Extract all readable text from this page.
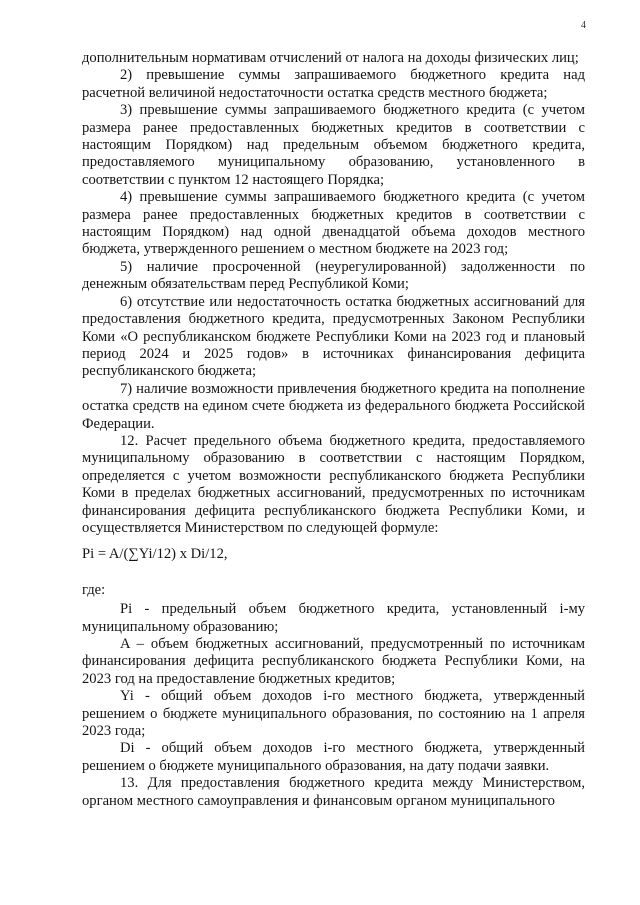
4

дополнительным нормативам отчислений от налога на доходы физических лиц;

2) превышение суммы запрашиваемого бюджетного кредита над расчетной величиной недостаточности остатка средств местного бюджета;

3) превышение суммы запрашиваемого бюджетного кредита (с учетом размера ранее предоставленных бюджетных кредитов в соответствии с настоящим Порядком) над предельным объемом бюджетного кредита, предоставляемого муниципальному образованию, установленного в соответствии с пунктом 12 настоящего Порядка;

4) превышение суммы запрашиваемого бюджетного кредита (с учетом размера ранее предоставленных бюджетных кредитов в соответствии с настоящим Порядком) над одной двенадцатой объема доходов местного бюджета, утвержденного решением о местном бюджете на 2023 год;

5) наличие просроченной (неурегулированной) задолженности по денежным обязательствам перед Республикой Коми;

6) отсутствие или недостаточность остатка бюджетных ассигнований для предоставления бюджетного кредита, предусмотренных Законом Республики Коми «О республиканском бюджете Республики Коми на 2023 год и плановый период 2024 и 2025 годов» в источниках финансирования дефицита республиканского бюджета;

7) наличие возможности привлечения бюджетного кредита на пополнение остатка средств на едином счете бюджета из федерального бюджета Российской Федерации.

12. Расчет предельного объема бюджетного кредита, предоставляемого муниципальному образованию в соответствии с настоящим Порядком, определяется с учетом возможности республиканского бюджета Республики Коми в пределах бюджетных ассигнований, предусмотренных по источникам финансирования дефицита республиканского бюджета Республики Коми, и осуществляется Министерством по следующей формуле:

Pi = A/(∑Yi/12) x Di/12,

где:

Pi - предельный объем бюджетного кредита, установленный i-му муниципальному образованию;

A – объем бюджетных ассигнований, предусмотренный по источникам финансирования дефицита республиканского бюджета Республики Коми, на 2023 год на предоставление бюджетных кредитов;

Yi - общий объем доходов i-го местного бюджета, утвержденный решением о бюджете муниципального образования, по состоянию на 1 апреля 2023 года;

Di - общий объем доходов i-го местного бюджета, утвержденный решением о бюджете муниципального образования, на дату подачи заявки.

13. Для предоставления бюджетного кредита между Министерством, органом местного самоуправления и финансовым органом муниципального
